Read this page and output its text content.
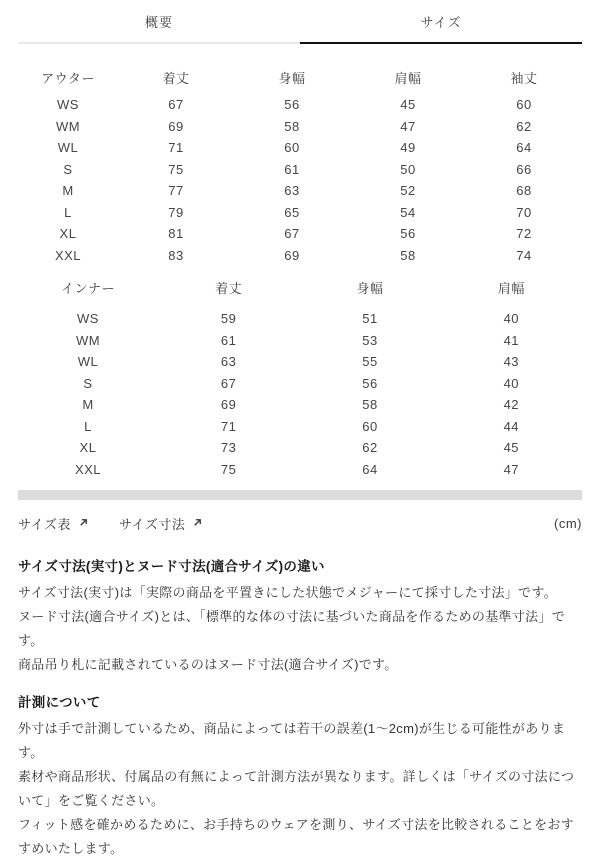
概要	サイズ
アウター	着丈	身幅	肩幅	袖丈
WS	67	56	45	60
WM	69	58	47	62
WL	71	60	49	64
S	75	61	50	66
M	77	63	52	68
L	79	65	54	70
XL	81	67	56	72
XXL	83	69	58	74
インナー	着丈	身幅	肩幅
WS	59	51	40
WM	61	53	41
WL	63	55	43
S	67	56	40
M	69	58	42
L	71	60	44
XL	73	62	45
XXL	75	64	47
サイズ表	サイズ寸法	(cm)
サイズ寸法(実寸)とヌード寸法(適合サイズ)の違い

サイズ寸法(実寸)は「実際の商品を平置きにした状態でメジャーにて採寸した寸法」です。

ヌード寸法(適合サイズ)とは、「標準的な体の寸法に基づいた商品を作るための基準寸法」です。

商品吊り札に記載されているのはヌード寸法(適合サイズ)です。

計測について

外寸は手で計測しているため、商品によっては若干の誤差(1〜2cm)が生じる可能性があります。

素材や商品形状、付属品の有無によって計測方法が異なります。詳しくは「サイズの寸法について」をご覧ください。

フィット感を確かめるために、お手持ちのウェアを測り、サイズ寸法を比較されることをおすすめいたします。
